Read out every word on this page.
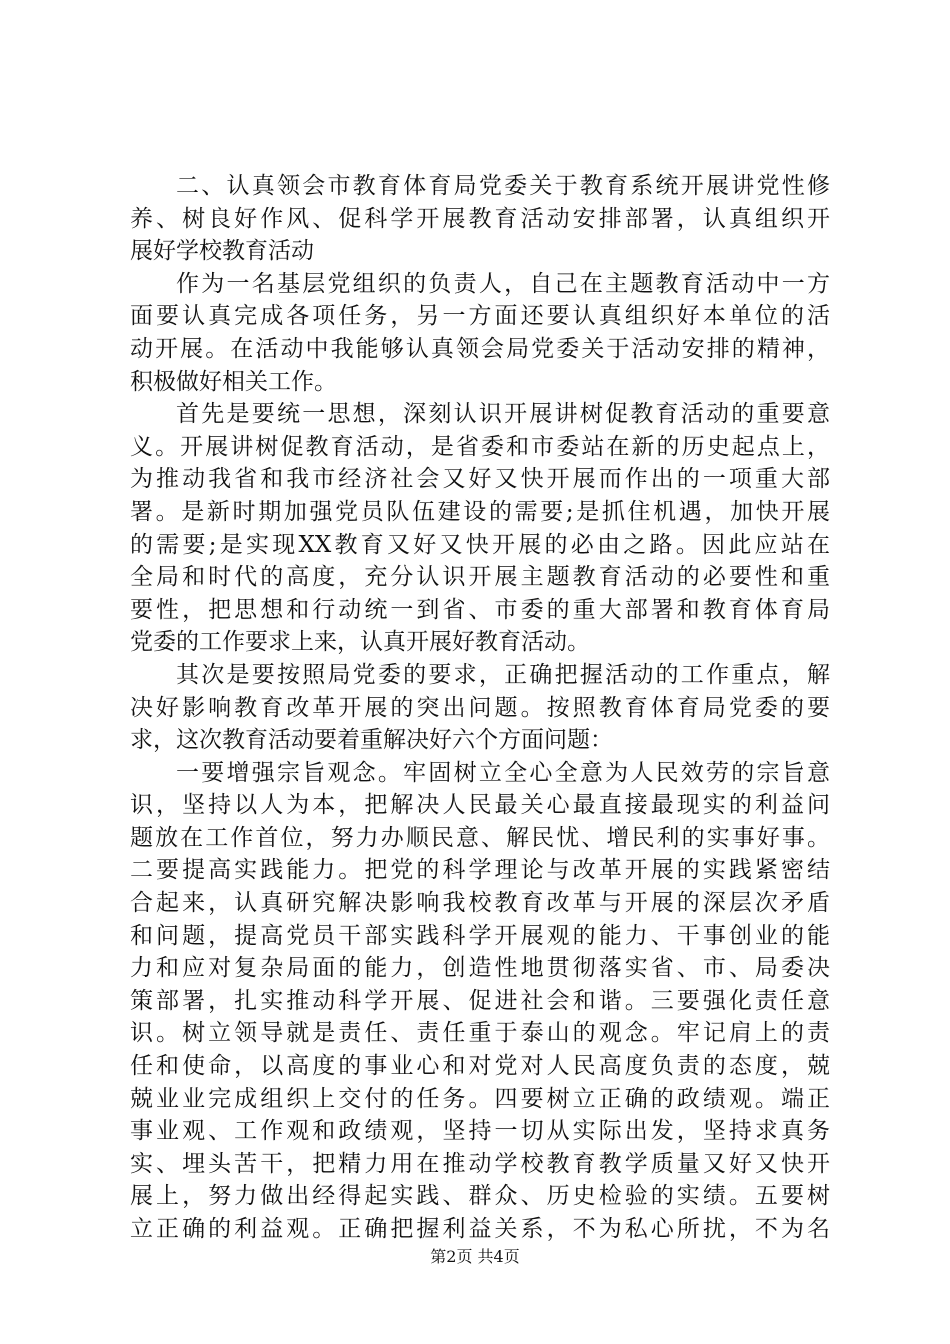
二、认真领会市教育体育局党委关于教育系统开展讲党性修
养、树良好作风、促科学开展教育活动安排部署，认真组织开
展好学校教育活动
作为一名基层党组织的负责人，自己在主题教育活动中一方
面要认真完成各项任务，另一方面还要认真组织好本单位的活
动开展。在活动中我能够认真领会局党委关于活动安排的精神，
积极做好相关工作。
首先是要统一思想，深刻认识开展讲树促教育活动的重要意
义。开展讲树促教育活动，是省委和市委站在新的历史起点上，
为推动我省和我市经济社会又好又快开展而作出的一项重大部
署。是新时期加强党员队伍建设的需要;是抓住机遇，加快开展
的需要;是实现XX教育又好又快开展的必由之路。因此应站在
全局和时代的高度，充分认识开展主题教育活动的必要性和重
要性，把思想和行动统一到省、市委的重大部署和教育体育局
党委的工作要求上来，认真开展好教育活动。
其次是要按照局党委的要求，正确把握活动的工作重点，解
决好影响教育改革开展的突出问题。按照教育体育局党委的要
求，这次教育活动要着重解决好六个方面问题：
一要增强宗旨观念。牢固树立全心全意为人民效劳的宗旨意
识，坚持以人为本，把解决人民最关心最直接最现实的利益问
题放在工作首位，努力办顺民意、解民忧、增民利的实事好事。
二要提高实践能力。把党的科学理论与改革开展的实践紧密结
合起来，认真研究解决影响我校教育改革与开展的深层次矛盾
和问题，提高党员干部实践科学开展观的能力、干事创业的能
力和应对复杂局面的能力，创造性地贯彻落实省、市、局委决
策部署，扎实推动科学开展、促进社会和谐。三要强化责任意
识。树立领导就是责任、责任重于泰山的观念。牢记肩上的责
任和使命，以高度的事业心和对党对人民高度负责的态度，兢
兢业业完成组织上交付的任务。四要树立正确的政绩观。端正
事业观、工作观和政绩观，坚持一切从实际出发，坚持求真务
实、埋头苦干，把精力用在推动学校教育教学质量又好又快开
展上，努力做出经得起实践、群众、历史检验的实绩。五要树
立正确的利益观。正确把握利益关系，不为私心所扰，不为名
第2页 共4页
